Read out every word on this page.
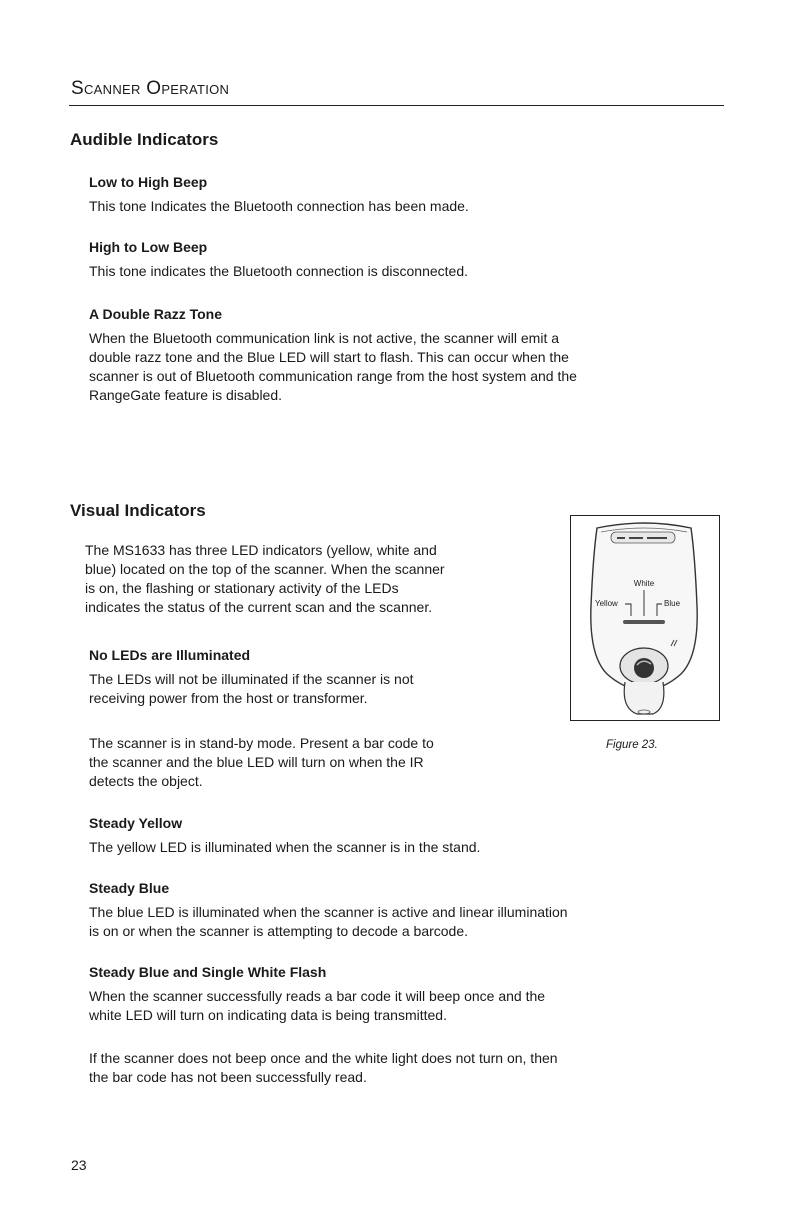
Scanner Operation
Audible Indicators
Low to High Beep
This tone Indicates the Bluetooth connection has been made.
High to Low Beep
This tone indicates the Bluetooth connection is disconnected.
A Double Razz Tone
When the Bluetooth communication link is not active, the scanner will emit a
double razz tone and the Blue LED will start to flash. This can occur when the
scanner is out of Bluetooth communication range from the host system and the
RangeGate feature is disabled.
Visual Indicators
The MS1633 has three LED indicators (yellow, white and
blue) located on the top of the scanner. When the scanner
is on, the flashing or stationary activity of the LEDs
indicates the status of the current scan and the scanner.
No LEDs are Illuminated
The LEDs will not be illuminated if the scanner is not
receiving power from the host or transformer.
The scanner is in stand-by mode. Present a bar code to
the scanner and the blue LED will turn on when the IR
detects the object.
Steady Yellow
The yellow LED is illuminated when the scanner is in the stand.
Steady Blue
The blue LED is illuminated when the scanner is active and linear illumination
is on or when the scanner is attempting to decode a barcode.
Steady Blue and Single White Flash
When the scanner successfully reads a bar code it will beep once and the
white LED will turn on indicating data is being transmitted.
If the scanner does not beep once and the white light does not turn on, then
the bar code has not been successfully read.
White
Yellow	Blue
Figure 23.
23
